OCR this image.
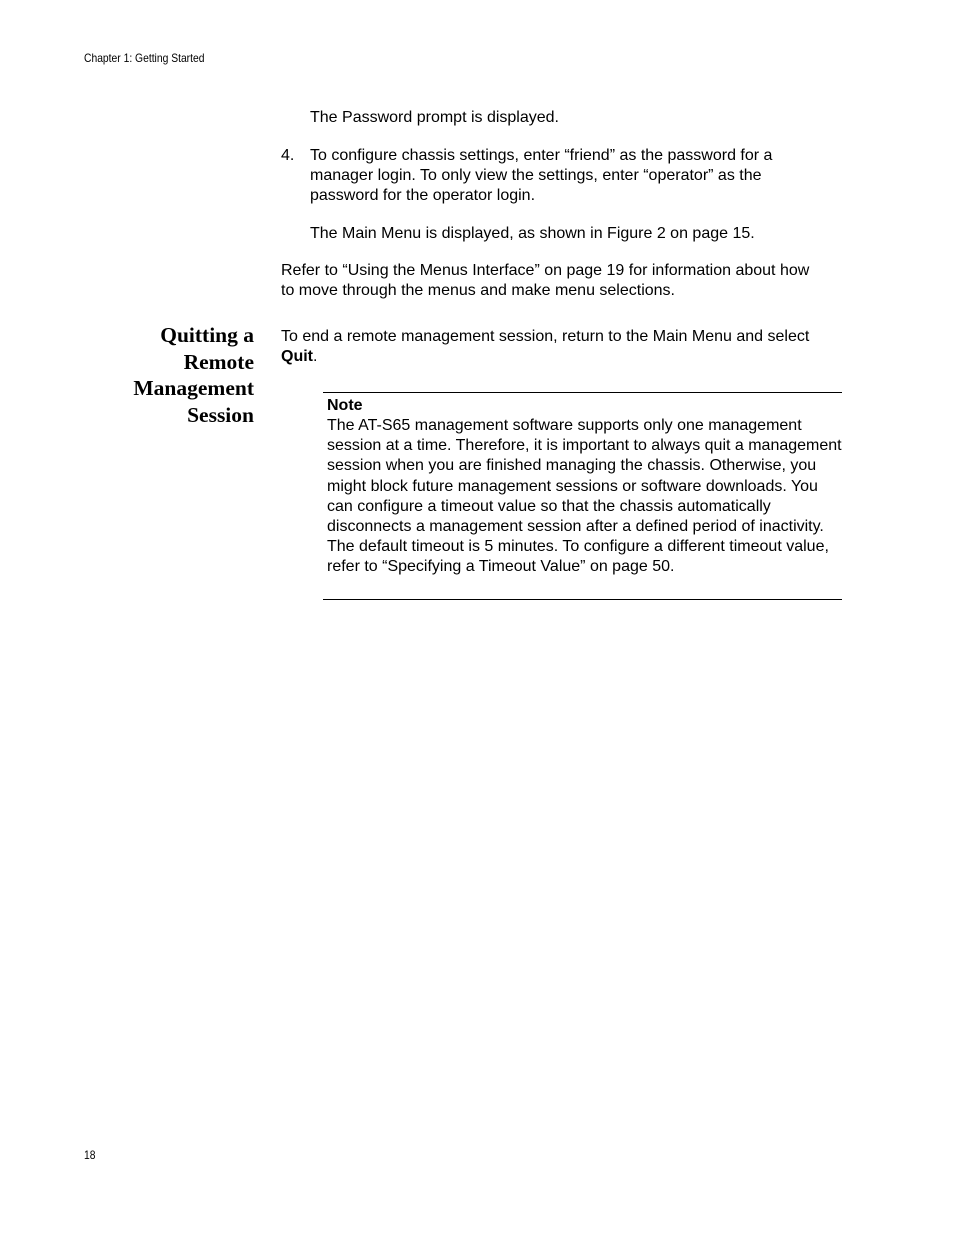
Chapter 1: Getting Started

The Password prompt is displayed.

4. To configure chassis settings, enter “friend” as the password for a manager login. To only view the settings, enter “operator” as the password for the operator login.

The Main Menu is displayed, as shown in Figure 2 on page 15.

Refer to “Using the Menus Interface” on page 19 for information about how to move through the menus and make menu selections.

Quitting a
Remote
Management
Session

To end a remote management session, return to the Main Menu and select Quit.

Note

The AT-S65 management software supports only one management session at a time. Therefore, it is important to always quit a management session when you are finished managing the chassis. Otherwise, you might block future management sessions or software downloads. You can configure a timeout value so that the chassis automatically disconnects a management session after a defined period of inactivity. The default timeout is 5 minutes. To configure a different timeout value, refer to “Specifying a Timeout Value” on page 50.

18
